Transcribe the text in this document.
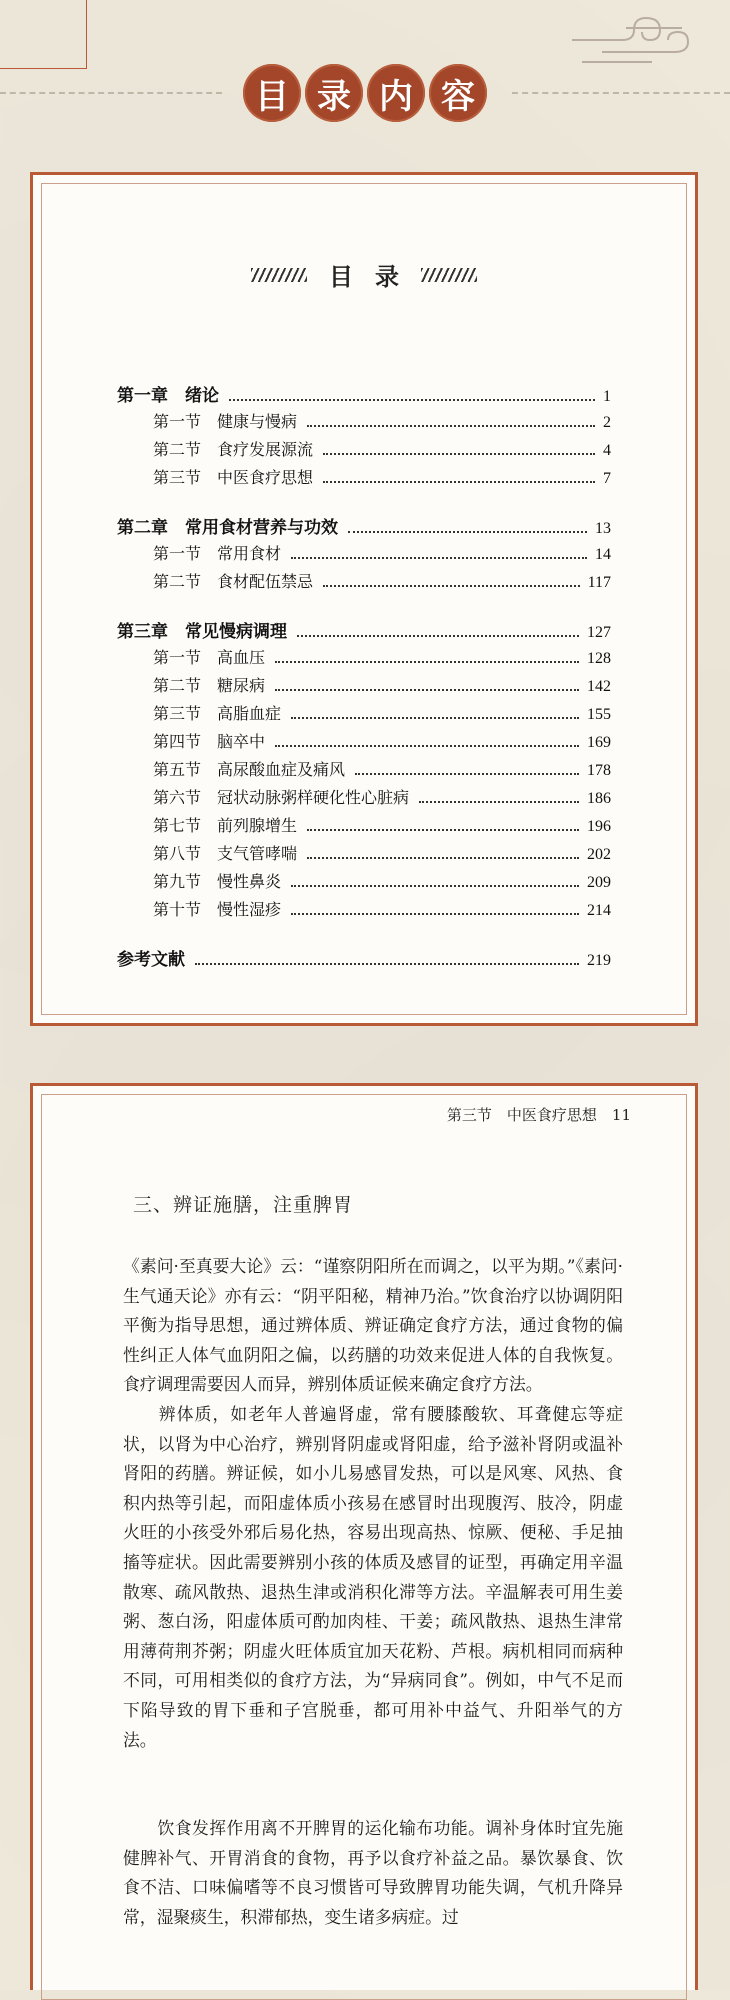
目 录 内 容
目 录
第一章　绪论	1
第一节　健康与慢病	2
第二节　食疗发展源流	4
第三节　中医食疗思想	7
第二章　常用食材营养与功效	13
第一节　常用食材	14
第二节　食材配伍禁忌	117
第三章　常见慢病调理	127
第一节　高血压	128
第二节　糖尿病	142
第三节　高脂血症	155
第四节　脑卒中	169
第五节　高尿酸血症及痛风	178
第六节　冠状动脉粥样硬化性心脏病	186
第七节　前列腺增生	196
第八节　支气管哮喘	202
第九节　慢性鼻炎	209
第十节　慢性湿疹	214
参考文献	219
第三节　中医食疗思想　11
三、辨证施膳，注重脾胃

《素问·至真要大论》云：“谨察阴阳所在而调之，以平为期。”《素问·生气通天论》亦有云：“阴平阳秘，精神乃治。”饮食治疗以协调阴阳平衡为指导思想，通过辨体质、辨证确定食疗方法，通过食物的偏性纠正人体气血阴阳之偏，以药膳的功效来促进人体的自我恢复。食疗调理需要因人而异，辨别体质证候来确定食疗方法。

　　辨体质，如老年人普遍肾虚，常有腰膝酸软、耳聋健忘等症状，以肾为中心治疗，辨别肾阴虚或肾阳虚，给予滋补肾阴或温补肾阳的药膳。辨证候，如小儿易感冒发热，可以是风寒、风热、食积内热等引起，而阳虚体质小孩易在感冒时出现腹泻、肢冷，阴虚火旺的小孩受外邪后易化热，容易出现高热、惊厥、便秘、手足抽搐等症状。因此需要辨别小孩的体质及感冒的证型，再确定用辛温散寒、疏风散热、退热生津或消积化滞等方法。辛温解表可用生姜粥、葱白汤，阳虚体质可酌加肉桂、干姜；疏风散热、退热生津常用薄荷荆芥粥；阴虚火旺体质宜加天花粉、芦根。病机相同而病种不同，可用相类似的食疗方法，为“异病同食”。例如，中气不足而下陷导致的胃下垂和子宫脱垂，都可用补中益气、升阳举气的方法。

　　饮食发挥作用离不开脾胃的运化输布功能。调补身体时宜先施健脾补气、开胃消食的食物，再予以食疗补益之品。暴饮暴食、饮食不洁、口味偏嗜等不良习惯皆可导致脾胃功能失调，气机升降异常，湿聚痰生，积滞郁热，变生诸多病症。过
